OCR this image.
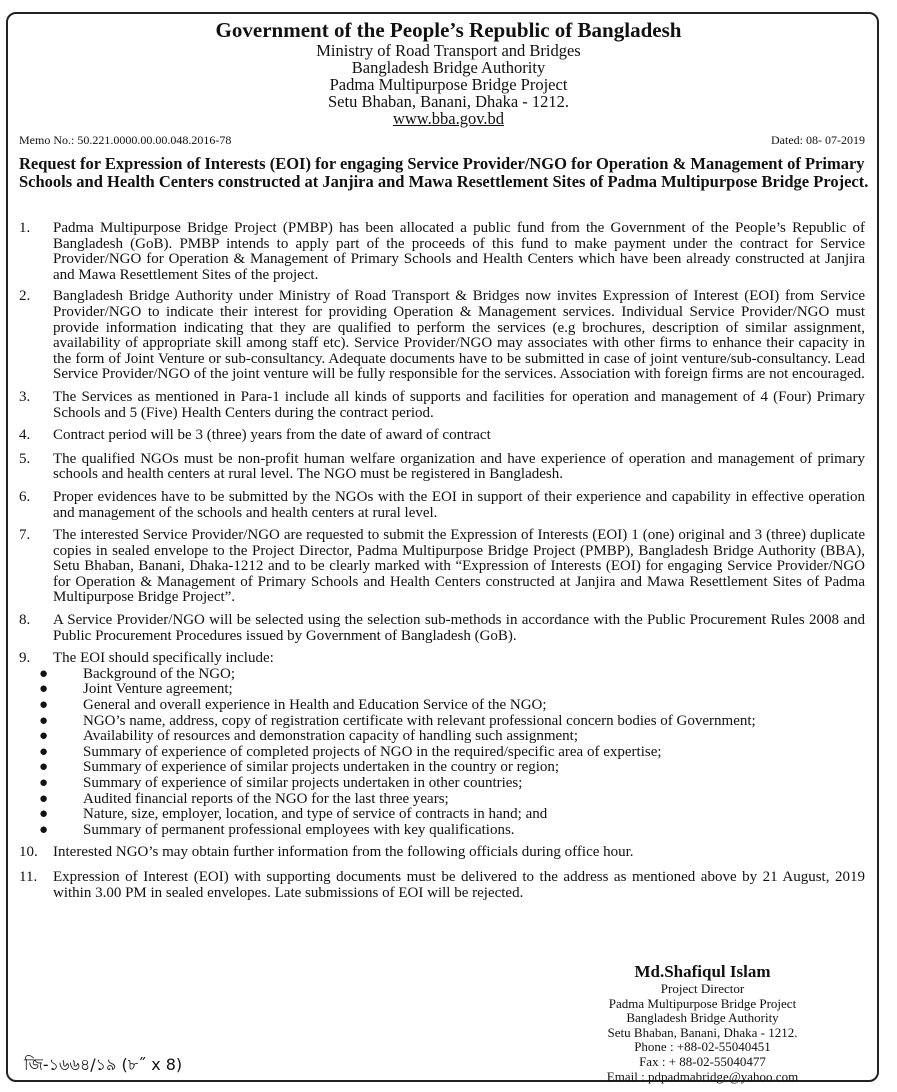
Government of the People’s Republic of Bangladesh
Ministry of Road Transport and Bridges
Bangladesh Bridge Authority
Padma Multipurpose Bridge Project
Setu Bhaban, Banani, Dhaka - 1212.
www.bba.gov.bd
Memo No.: 50.221.0000.00.00.048.2016-78	Dated: 08- 07-2019
Request for Expression of Interests (EOI) for engaging Service Provider/NGO for Operation & Management of Primary Schools and Health Centers constructed at Janjira and Mawa Resettlement Sites of Padma Multipurpose Bridge Project.
1.	Padma Multipurpose Bridge Project (PMBP) has been allocated a public fund from the Government of the People’s Republic of Bangladesh (GoB). PMBP intends to apply part of the proceeds of this fund to make payment under the contract for Service Provider/NGO for Operation & Management of Primary Schools and Health Centers which have been already constructed at Janjira and Mawa Resettlement Sites of the project.
2.	Bangladesh Bridge Authority under Ministry of Road Transport & Bridges now invites Expression of Interest (EOI) from Service Provider/NGO to indicate their interest for providing Operation & Management services. Individual Service Provider/NGO must provide information indicating that they are qualified to perform the services (e.g brochures, description of similar assignment, availability of appropriate skill among staff etc). Service Provider/NGO may associates with other firms to enhance their capacity in the form of Joint Venture or sub-consultancy. Adequate documents have to be submitted in case of joint venture/sub-consultancy. Lead Service Provider/NGO of the joint venture will be fully responsible for the services. Association with foreign firms are not encouraged.
3.	The Services as mentioned in Para-1 include all kinds of supports and facilities for operation and management of 4 (Four) Primary Schools and 5 (Five) Health Centers during the contract period.
4.	Contract period will be 3 (three) years from the date of award of contract
5.	The qualified NGOs must be non-profit human welfare organization and have experience of operation and management of primary schools and health centers at rural level. The NGO must be registered in Bangladesh.
6.	Proper evidences have to be submitted by the NGOs with the EOI in support of their experience and capability in effective operation and management of the schools and health centers at rural level.
7.	The interested Service Provider/NGO are requested to submit the Expression of Interests (EOI) 1 (one) original and 3 (three) duplicate copies in sealed envelope to the Project Director, Padma Multipurpose Bridge Project (PMBP), Bangladesh Bridge Authority (BBA), Setu Bhaban, Banani, Dhaka-1212 and to be clearly marked with “Expression of Interests (EOI) for engaging Service Provider/NGO for Operation & Management of Primary Schools and Health Centers constructed at Janjira and Mawa Resettlement Sites of Padma Multipurpose Bridge Project”.
8.	A Service Provider/NGO will be selected using the selection sub-methods in accordance with the Public Procurement Rules 2008 and Public Procurement Procedures issued by Government of Bangladesh (GoB).
9.	The EOI should specifically include:
●	Background of the NGO;
●	Joint Venture agreement;
●	General and overall experience in Health and Education Service of the NGO;
●	NGO’s name, address, copy of registration certificate with relevant professional concern bodies of Government;
●	Availability of resources and demonstration capacity of handling such assignment;
●	Summary of experience of completed projects of NGO in the required/specific area of expertise;
●	Summary of experience of similar projects undertaken in the country or region;
●	Summary of experience of similar projects undertaken in other countries;
●	Audited financial reports of the NGO for the last three years;
●	Nature, size, employer, location, and type of service of contracts in hand; and
●	Summary of permanent professional employees with key qualifications.
10.	Interested NGO’s may obtain further information from the following officials during office hour.
11.	Expression of Interest (EOI) with supporting documents must be delivered to the address as mentioned above by 21 August, 2019 within 3.00 PM in sealed envelopes. Late submissions of EOI will be rejected.
Md.Shafiqul Islam
Project Director
Padma Multipurpose Bridge Project
Bangladesh Bridge Authority
Setu Bhaban, Banani, Dhaka - 1212.
Phone : +88-02-55040451
Fax : + 88-02-55040477
Email : pdpadmabridge@yahoo.com
জি-১৬৬৪/১৯ (৮˝ x 8)
